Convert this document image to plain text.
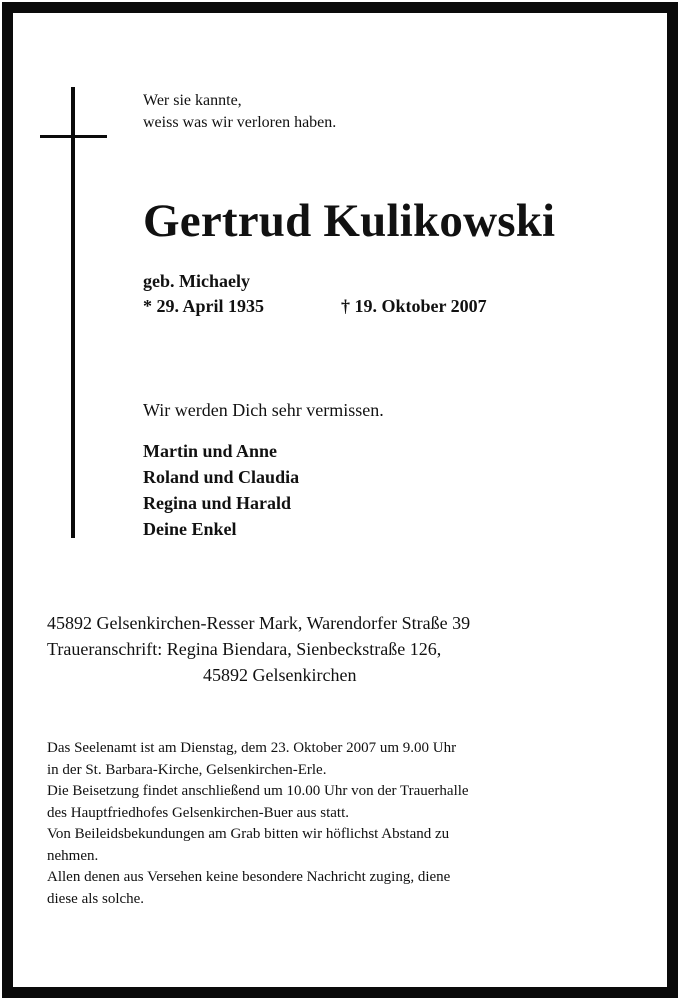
Wer sie kannte,
weiss was wir verloren haben.
Gertrud Kulikowski
geb. Michaely
* 29. April 1935	† 19. Oktober 2007
Wir werden Dich sehr vermissen.
Martin und Anne
Roland und Claudia
Regina und Harald
Deine Enkel
45892 Gelsenkirchen-Resser Mark, Warendorfer Straße 39
Traueranschrift: Regina Biendara, Sienbeckstraße 126,
45892 Gelsenkirchen
Das Seelenamt ist am Dienstag, dem 23. Oktober 2007 um 9.00 Uhr
in der St. Barbara-Kirche, Gelsenkirchen-Erle.
Die Beisetzung findet anschließend um 10.00 Uhr von der Trauerhalle
des Hauptfriedhofes Gelsenkirchen-Buer aus statt.
Von Beileidsbekundungen am Grab bitten wir höflichst Abstand zu
nehmen.
Allen denen aus Versehen keine besondere Nachricht zuging, diene
diese als solche.
